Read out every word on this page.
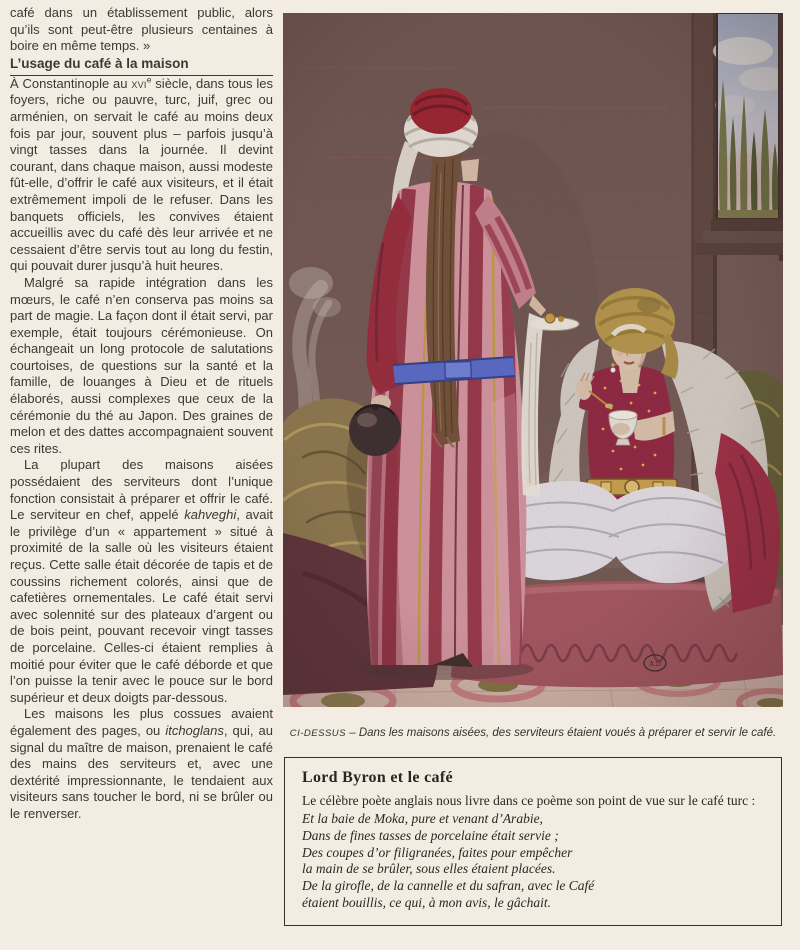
café dans un établissement public, alors qu’ils sont peut-être plusieurs centaines à boire en même temps. »

L’usage du café à la maison

À Constantinople au xvi$^e$ siècle, dans tous les foyers, riche ou pauvre, turc, juif, grec ou arménien, on servait le café au moins deux fois par jour, souvent plus – parfois jusqu’à vingt tasses dans la journée. Il devint courant, dans chaque maison, aussi modeste fût-elle, d’offrir le café aux visiteurs, et il était extrêmement impoli de le refuser. Dans les banquets officiels, les convives étaient accueillis avec du café dès leur arrivée et ne cessaient d’être servis tout au long du festin, qui pouvait durer jusqu’à huit heures.

Malgré sa rapide intégration dans les mœurs, le café n’en conserva pas moins sa part de magie. La façon dont il était servi, par exemple, était toujours cérémonieuse. On échangeait un long protocole de salutations courtoises, de questions sur la santé et la famille, de louanges à Dieu et de rituels élaborés, aussi complexes que ceux de la cérémonie du thé au Japon. Des graines de melon et des dattes accompagnaient souvent ces rites.

La plupart des maisons aisées possédaient des serviteurs dont l’unique fonction consistait à préparer et offrir le café. Le serviteur en chef, appelé kahveghi, avait le privilège d’un « appartement » situé à proximité de la salle où les visiteurs étaient reçus. Cette salle était décorée de tapis et de coussins richement colorés, ainsi que de cafetières ornementales. Le café était servi avec solennité sur des plateaux d’argent ou de bois peint, pouvant recevoir vingt tasses de porcelaine. Celles-ci étaient remplies à moitié pour éviter que le café déborde et que l’on puisse la tenir avec le pouce sur le bord supérieur et deux doigts par-dessous.

Les maisons les plus cossues avaient également des pages, ou itchoglans, qui, au signal du maître de maison, prenaient le café des mains des serviteurs et, avec une dextérité impressionnante, le tendaient aux visiteurs sans toucher le bord, ni se brûler ou le renverser.

CI-DESSUS – Dans les maisons aisées, des serviteurs étaient voués à préparer et servir le café.
Lord Byron et le café

Le célèbre poète anglais nous livre dans ce poème son point de vue sur le café turc :

Et la baie de Moka, pure et venant d’Arabie,
Dans de fines tasses de porcelaine était servie ;
Des coupes d’or filigranées, faites pour empêcher
la main de se brûler, sous elles étaient placées.
De la girofle, de la cannelle et du safran, avec le Café
étaient bouillis, ce qui, à mon avis, le gâchait.
